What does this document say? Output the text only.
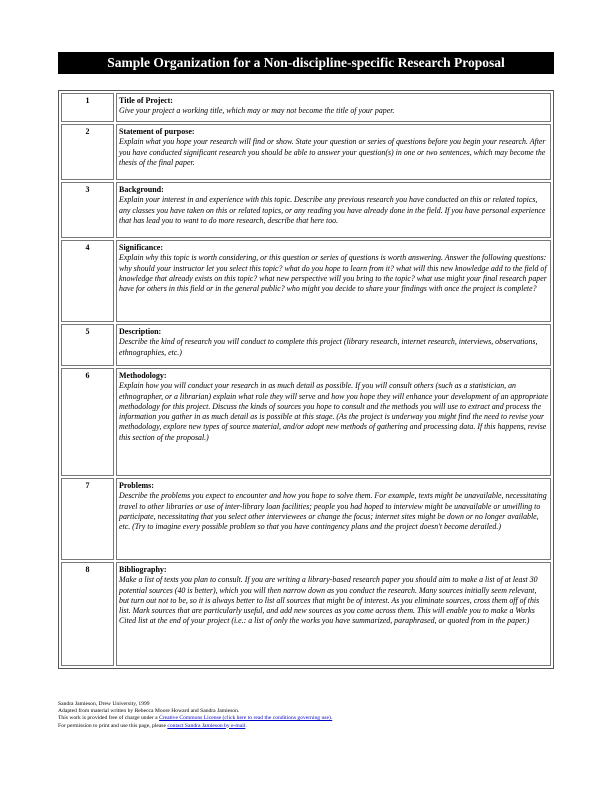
Sample Organization for a Non-discipline-specific Research Proposal
1	Title of Project:
Give your project a working title, which may or may not become the title of your paper.

2	Statement of purpose:
Explain what you hope your research will find or show. State your question or series of questions before you begin your research. After you have conducted significant research you should be able to answer your question(s) in one or two sentences, which may become the thesis of the final paper.

3	Background:
Explain your interest in and experience with this topic. Describe any previous research you have conducted on this or related topics, any classes you have taken on this or related topics, or any reading you have already done in the field. If you have personal experience that has lead you to want to do more research, describe that here too.

4	Significance:
Explain why this topic is worth considering, or this question or series of questions is worth answering. Answer the following questions: why should your instructor let you select this topic? what do you hope to learn from it? what will this new knowledge add to the field of knowledge that already exists on this topic? what new perspective will you bring to the topic? what use might your final research paper have for others in this field or in the general public? who might you decide to share your findings with once the project is complete?

5	Description:
Describe the kind of research you will conduct to complete this project (library research, internet research, interviews, observations, ethnographies, etc.)

6	Methodology:
Explain how you will conduct your research in as much detail as possible. If you will consult others (such as a statistician, an ethnographer, or a librarian) explain what role they will serve and how you hope they will enhance your development of an appropriate methodology for this project. Discuss the kinds of sources you hope to consult and the methods you will use to extract and process the information you gather in as much detail as is possible at this stage. (As the project is underway you might find the need to revise your methodology, explore new types of source material, and/or adopt new methods of gathering and processing data. If this happens, revise this section of the proposal.)

7	Problems:
Describe the problems you expect to encounter and how you hope to solve them. For example, texts might be unavailable, necessitating travel to other libraries or use of inter-library loan facilities; people you had hoped to interview might be unavailable or unwilling to participate, necessitating that you select other interviewees or change the focus; internet sites might be down or no longer available, etc. (Try to imagine every possible problem so that you have contingency plans and the project doesn't become derailed.)

8	Bibliography:
Make a list of texts you plan to consult. If you are writing a library-based research paper you should aim to make a list of at least 30 potential sources (40 is better), which you will then narrow down as you conduct the research. Many sources initially seem relevant, but turn out not to be, so it is always better to list all sources that might be of interest. As you eliminate sources, cross them off of this list. Mark sources that are particularly useful, and add new sources as you come across them. This will enable you to make a Works Cited list at the end of your project (i.e.: a list of only the works you have summarized, paraphrased, or quoted from in the paper.)
Sandra Jamieson, Drew University, 1999
Adapted from material written by Rebecca Moore Howard and Sandra Jamieson.
This work is provided free of charge under a Creative Commons License (click here to read the conditions governing use).
For permission to print and use this page, please contact Sandra Jamieson by e-mail.
